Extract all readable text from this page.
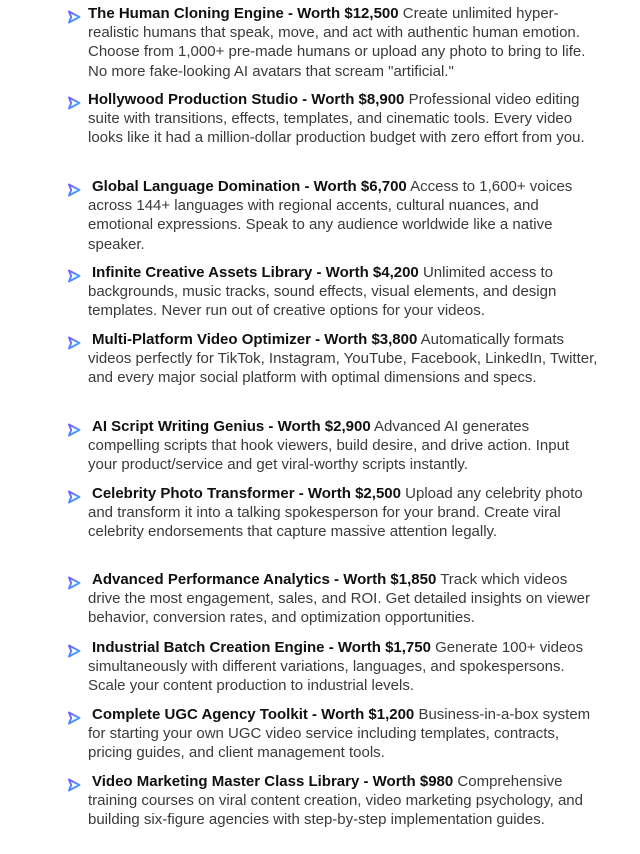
The Human Cloning Engine - Worth $12,500 Create unlimited hyper-realistic humans that speak, move, and act with authentic human emotion. Choose from 1,000+ pre-made humans or upload any photo to bring to life. No more fake-looking AI avatars that scream "artificial."

Hollywood Production Studio - Worth $8,900 Professional video editing suite with transitions, effects, templates, and cinematic tools. Every video looks like it had a million-dollar production budget with zero effort from you.

Global Language Domination - Worth $6,700 Access to 1,600+ voices across 144+ languages with regional accents, cultural nuances, and emotional expressions. Speak to any audience worldwide like a native speaker.

Infinite Creative Assets Library - Worth $4,200 Unlimited access to backgrounds, music tracks, sound effects, visual elements, and design templates. Never run out of creative options for your videos.

Multi-Platform Video Optimizer - Worth $3,800 Automatically formats videos perfectly for TikTok, Instagram, YouTube, Facebook, LinkedIn, Twitter, and every major social platform with optimal dimensions and specs.

AI Script Writing Genius - Worth $2,900 Advanced AI generates compelling scripts that hook viewers, build desire, and drive action. Input your product/service and get viral-worthy scripts instantly.

Celebrity Photo Transformer - Worth $2,500 Upload any celebrity photo and transform it into a talking spokesperson for your brand. Create viral celebrity endorsements that capture massive attention legally.

Advanced Performance Analytics - Worth $1,850 Track which videos drive the most engagement, sales, and ROI. Get detailed insights on viewer behavior, conversion rates, and optimization opportunities.

Industrial Batch Creation Engine - Worth $1,750 Generate 100+ videos simultaneously with different variations, languages, and spokespersons. Scale your content production to industrial levels.

Complete UGC Agency Toolkit - Worth $1,200 Business-in-a-box system for starting your own UGC video service including templates, contracts, pricing guides, and client management tools.

Video Marketing Master Class Library - Worth $980 Comprehensive training courses on viral content creation, video marketing psychology, and building six-figure agencies with step-by-step implementation guides.
